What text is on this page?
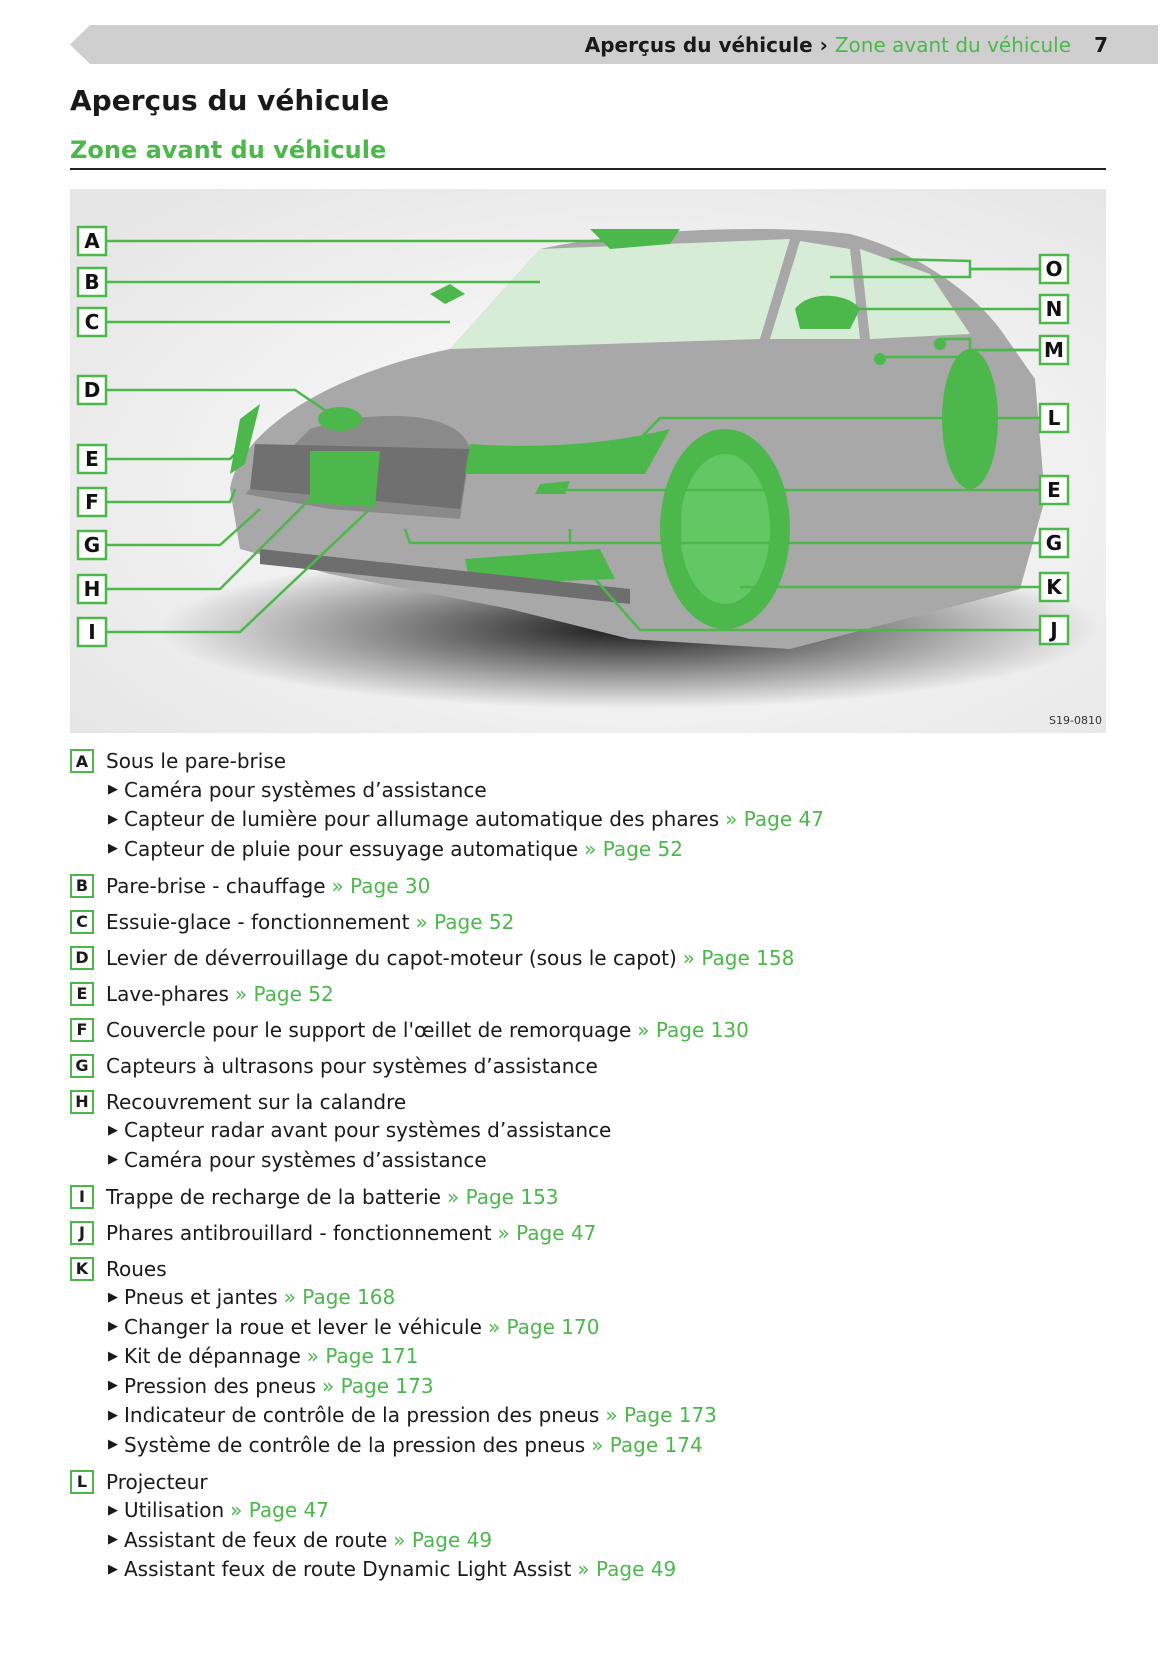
Aperçus du véhicule › Zone avant du véhicule 7
Aperçus du véhicule
Zone avant du véhicule
A
B
C
D
E
F
G
H
I
O
N
M
L
E
G
K
J
S19-0810
A Sous le pare-brise
▶ Caméra pour systèmes d’assistance
▶ Capteur de lumière pour allumage automatique des phares » Page 47
▶ Capteur de pluie pour essuyage automatique » Page 52
B Pare-brise - chauffage » Page 30
C Essuie-glace - fonctionnement » Page 52
D Levier de déverrouillage du capot-moteur (sous le capot) » Page 158
E Lave-phares » Page 52
F Couvercle pour le support de l'œillet de remorquage » Page 130
G Capteurs à ultrasons pour systèmes d’assistance
H Recouvrement sur la calandre
▶ Capteur radar avant pour systèmes d’assistance
▶ Caméra pour systèmes d’assistance
I	Trappe de recharge de la batterie » Page 153
J	Phares antibrouillard - fonctionnement » Page 47
K Roues
▶ Pneus et jantes » Page 168
▶ Changer la roue et lever le véhicule » Page 170
▶ Kit de dépannage » Page 171
▶ Pression des pneus » Page 173
▶ Indicateur de contrôle de la pression des pneus » Page 173
▶ Système de contrôle de la pression des pneus » Page 174
L Projecteur
▶ Utilisation » Page 47
▶ Assistant de feux de route » Page 49
▶ Assistant feux de route Dynamic Light Assist » Page 49
